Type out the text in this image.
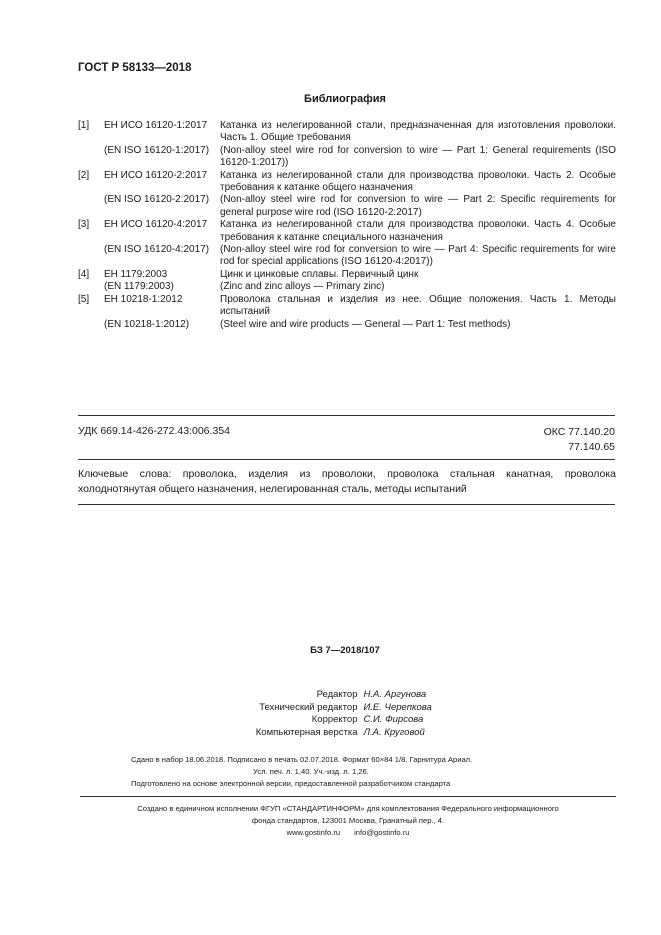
ГОСТ Р 58133—2018
Библиография
[1]	ЕН ИСО 16120-1:2017	Катанка из нелегированной стали, предназначенная для изготовления проволоки. Часть 1. Общие требования
(EN ISO 16120-1:2017)	(Non-alloy steel wire rod for conversion to wire — Part 1: General requirements (ISO 16120-1:2017))
[2]	ЕН ИСО 16120-2:2017	Катанка из нелегированной стали для производства проволоки. Часть 2. Особые требования к катанке общего назначения
(EN ISO 16120-2:2017)	(Non-alloy steel wire rod for conversion to wire — Part 2: Specific requirements for general purpose wire rod (ISO 16120-2:2017)
[3]	ЕН ИСО 16120-4:2017	Катанка из нелегированной стали для производства проволоки. Часть 4. Особые требования к катанке специального назначения
(EN ISO 16120-4:2017)	(Non-alloy steel wire rod for conversion to wire — Part 4: Specific requirements for wire rod for special applications (ISO 16120-4:2017))
[4]	ЕН 1179:2003	Цинк и цинковые сплавы. Первичный цинк
(EN 1179:2003)	(Zinc and zinc alloys — Primary zinc)
[5]	ЕН 10218-1:2012	Проволока стальная и изделия из нее. Общие положения. Часть 1. Методы испытаний
(EN 10218-1:2012)	(Steel wire and wire products — General — Part 1: Test methods)
УДК 669.14-426-272.43:006.354	ОКС 77.140.20
77.140.65
Ключевые слова: проволока, изделия из проволоки, проволока стальная канатная, проволока холоднотянутая общего назначения, нелегированная сталь, методы испытаний
БЗ 7—2018/107
Редактор Н.А. Аргунова
Технический редактор И.Е. Черепкова
Корректор С.И. Фирсова
Компьютерная верстка Л.А. Круговой
Сдано в набор 18.06.2018. Подписано в печать 02.07.2018. Формат 60×84 1/8. Гарнитура Ариал.
Усл. печ. л. 1,40. Уч.-изд. л. 1,26.
Подготовлено на основе электронной версии, предоставленной разработчиком стандарта
Создано в единичном исполнении ФГУП «СТАНДАРТИНФОРМ» для комплектования Федерального информационного
фонда стандартов, 123001 Москва, Гранатный пер., 4.
www.gostinfo.ru info@gostinfo.ru
